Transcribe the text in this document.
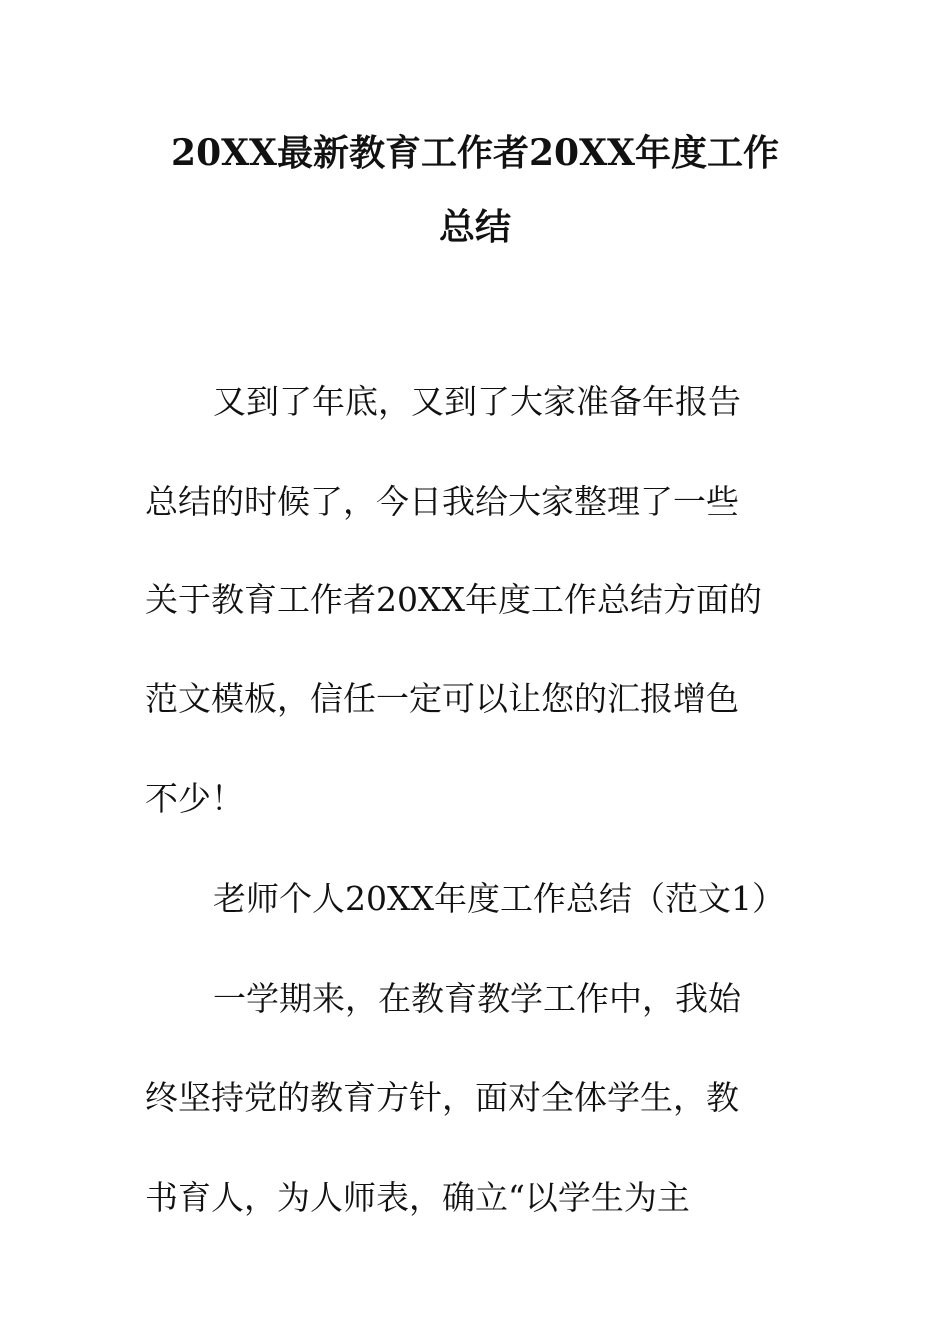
20XX最新教育工作者20XX年度工作
总结
又到了年底，又到了大家准备年报告
总结的时候了，今日我给大家整理了一些
关于教育工作者20XX年度工作总结方面的
范文模板，信任一定可以让您的汇报增色
不少！
老师个人20XX年度工作总结（范文1）
一学期来，在教育教学工作中，我始
终坚持党的教育方针，面对全体学生，教
书育人，为人师表，确立“以学生为主
